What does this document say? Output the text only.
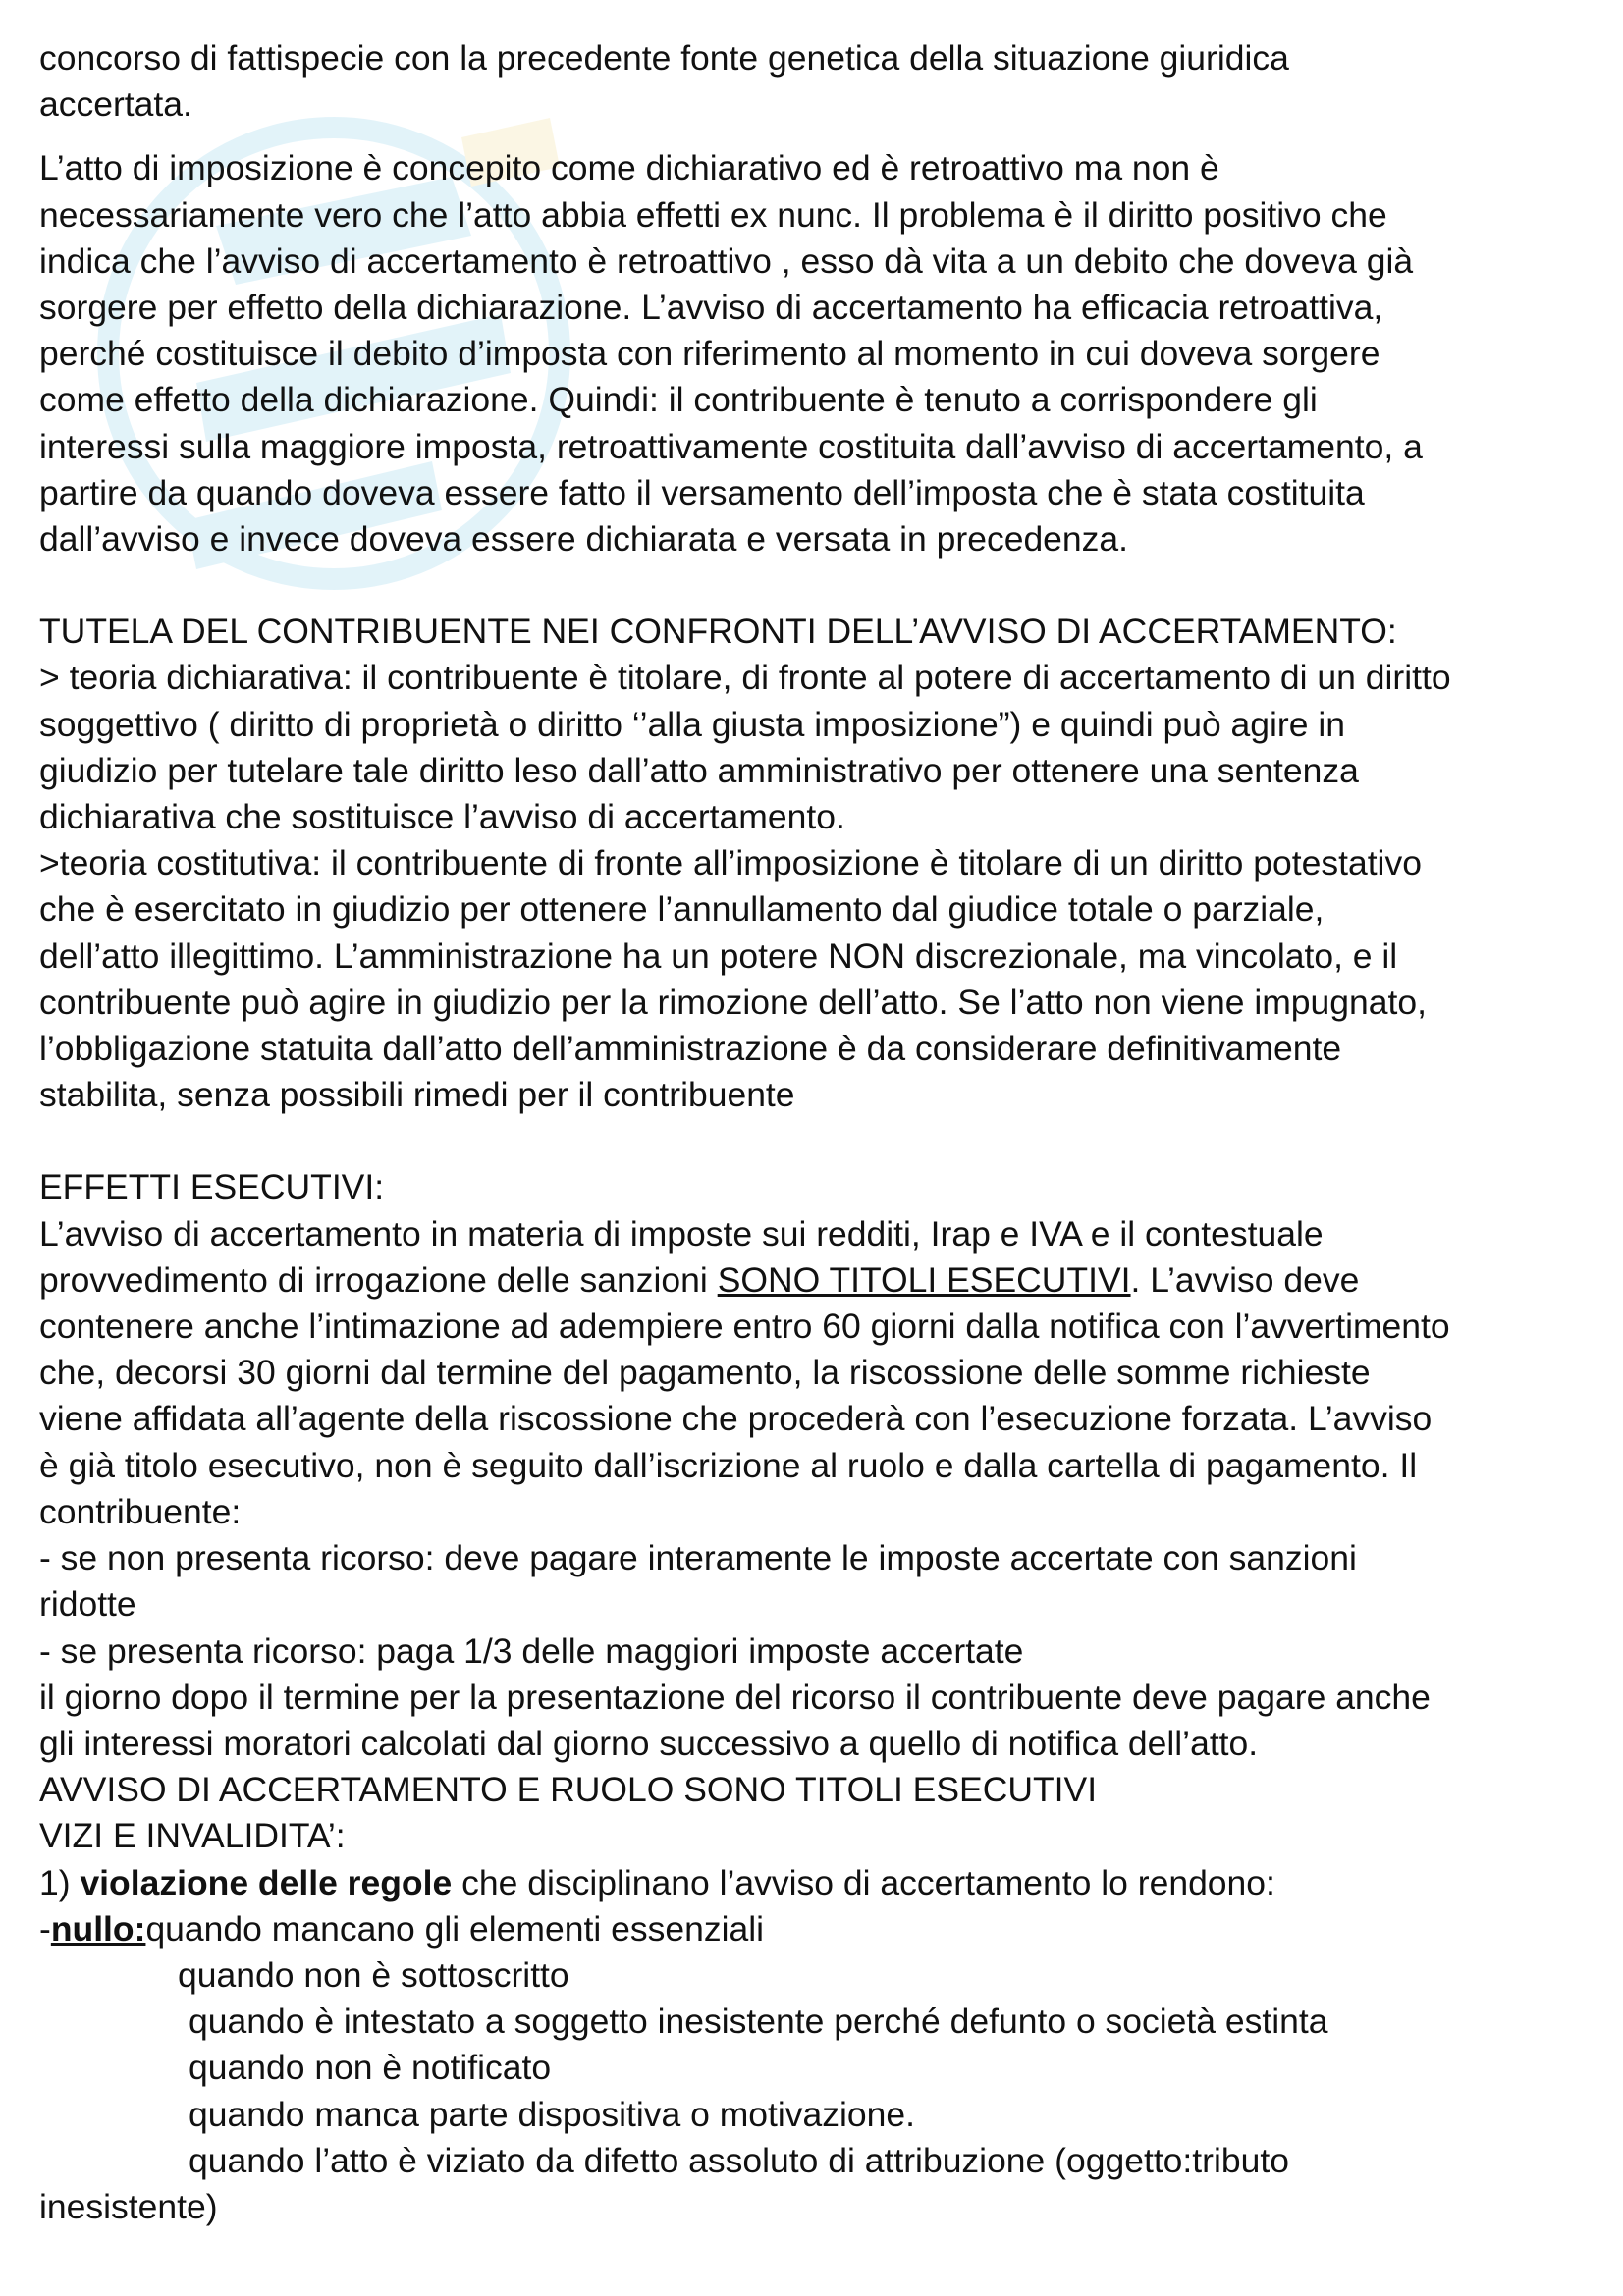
concorso di fattispecie con la precedente fonte genetica della situazione giuridica

accertata.

L’atto di imposizione è concepito come dichiarativo ed è retroattivo ma non è

necessariamente vero che l’atto abbia effetti ex nunc. Il problema è il diritto positivo che

indica che l’avviso di accertamento è retroattivo , esso dà vita a un debito che doveva già

sorgere per effetto della dichiarazione. L’avviso di accertamento ha efficacia retroattiva,

perché costituisce il debito d’imposta con riferimento al momento in cui doveva sorgere

come effetto della dichiarazione. Quindi: il contribuente è tenuto a corrispondere gli

interessi sulla maggiore imposta, retroattivamente costituita dall’avviso di accertamento, a

partire da quando doveva essere fatto il versamento dell’imposta che è stata costituita

dall’avviso e invece doveva essere dichiarata e versata in precedenza.

TUTELA DEL CONTRIBUENTE NEI CONFRONTI DELL’AVVISO DI ACCERTAMENTO:

> teoria dichiarativa: il contribuente è titolare, di fronte al potere di accertamento di un diritto

soggettivo ( diritto di proprietà o diritto ‘’alla giusta imposizione”) e quindi può agire in

giudizio per tutelare tale diritto leso dall’atto amministrativo per ottenere una sentenza

dichiarativa che sostituisce l’avviso di accertamento.

>teoria costitutiva: il contribuente di fronte all’imposizione è titolare di un diritto potestativo

che è esercitato in giudizio per ottenere l’annullamento dal giudice totale o parziale,

dell’atto illegittimo. L’amministrazione ha un potere NON discrezionale, ma vincolato, e il

contribuente può agire in giudizio per la rimozione dell’atto. Se l’atto non viene impugnato,

l’obbligazione statuita dall’atto dell’amministrazione è da considerare definitivamente

stabilita, senza possibili rimedi per il contribuente

EFFETTI ESECUTIVI:

L’avviso di accertamento in materia di imposte sui redditi, Irap e IVA e il contestuale

provvedimento di irrogazione delle sanzioni SONO TITOLI ESECUTIVI. L’avviso deve

contenere anche l’intimazione ad adempiere entro 60 giorni dalla notifica con l’avvertimento

che, decorsi 30 giorni dal termine del pagamento, la riscossione delle somme richieste

viene affidata all’agente della riscossione che procederà con l’esecuzione forzata. L’avviso

è già titolo esecutivo, non è seguito dall’iscrizione al ruolo e dalla cartella di pagamento. Il

contribuente:

- se non presenta ricorso: deve pagare interamente le imposte accertate con sanzioni

ridotte

- se presenta ricorso: paga 1/3 delle maggiori imposte accertate

il giorno dopo il termine per la presentazione del ricorso il contribuente deve pagare anche

gli interessi moratori calcolati dal giorno successivo a quello di notifica dell’atto.

AVVISO DI ACCERTAMENTO E RUOLO SONO TITOLI ESECUTIVI

VIZI E INVALIDITA’:

1) violazione delle regole che disciplinano l’avviso di accertamento lo rendono:

-nullo:quando mancano gli elementi essenziali

quando non è sottoscritto

quando è intestato a soggetto inesistente perché defunto o società estinta

quando non è notificato

quando manca parte dispositiva o motivazione.

quando l’atto è viziato da difetto assoluto di attribuzione (oggetto:tributo

inesistente)
